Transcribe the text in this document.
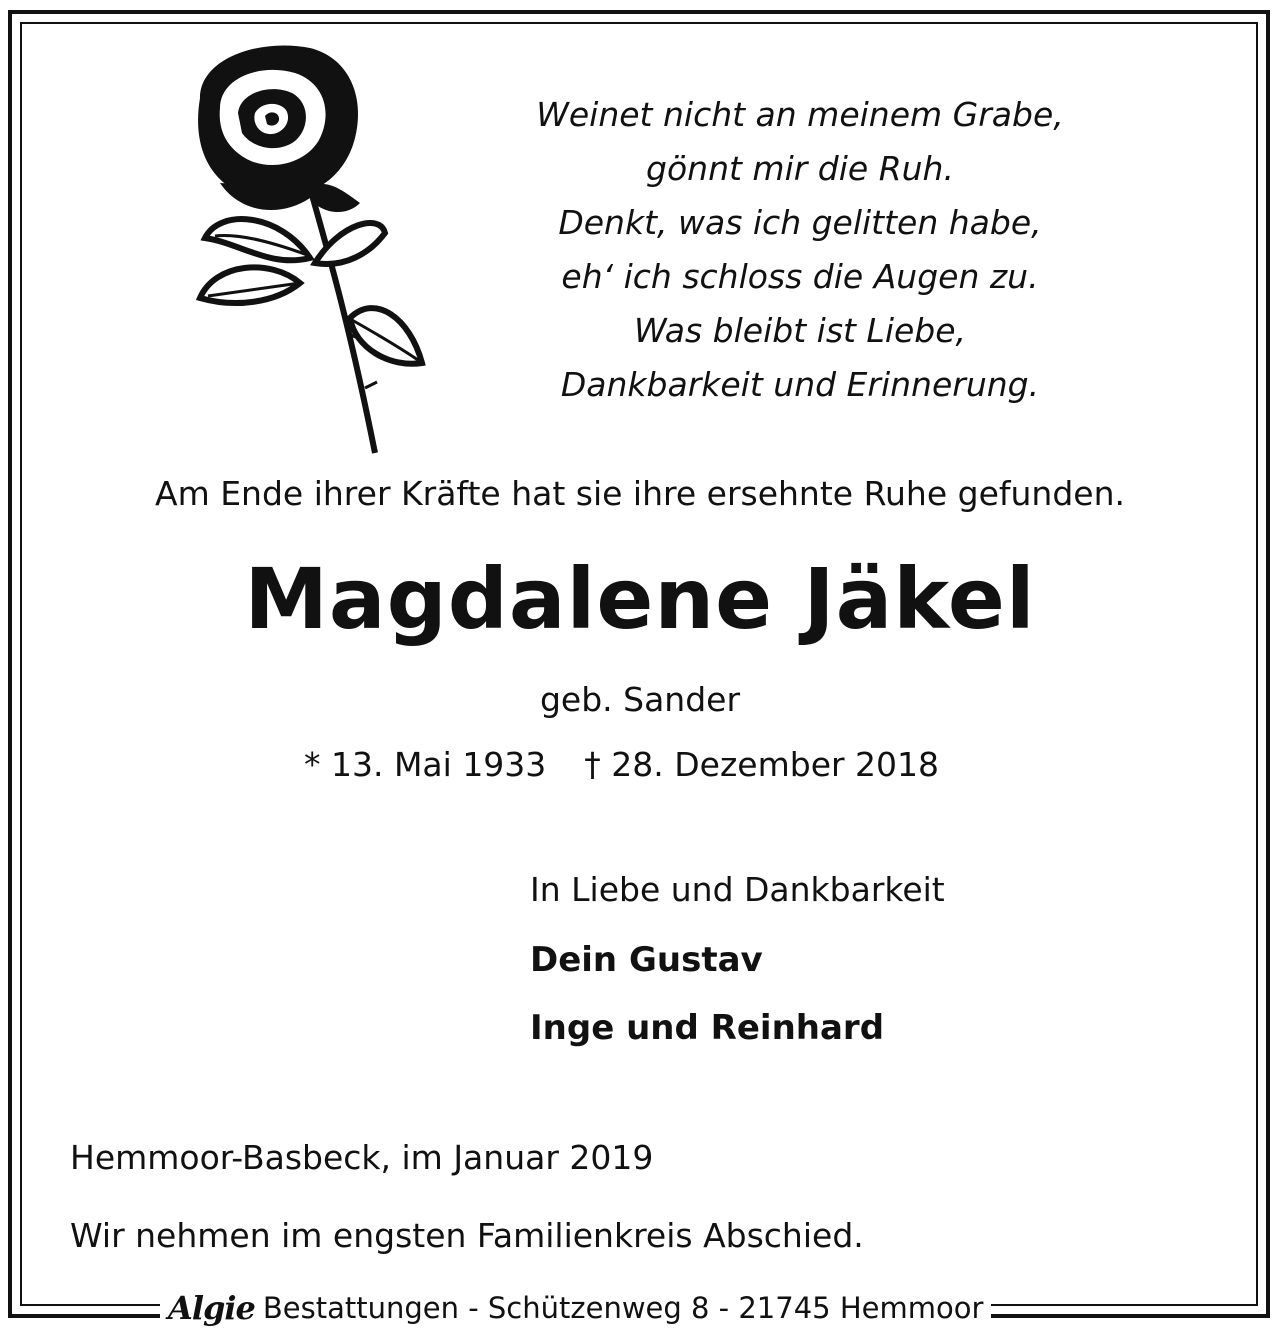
Weinet nicht an meinem Grabe,
gönnt mir die Ruh.
Denkt, was ich gelitten habe,
eh‘ ich schloss die Augen zu.
Was bleibt ist Liebe,
Dankbarkeit und Erinnerung.
Am Ende ihrer Kräfte hat sie ihre ersehnte Ruhe gefunden.
Magdalene Jäkel
geb. Sander
* 13. Mai 1933 † 28. Dezember 2018
In Liebe und Dankbarkeit
Dein Gustav
Inge und Reinhard
Hemmoor-Basbeck, im Januar 2019
Wir nehmen im engsten Familienkreis Abschied.
Algie Bestattungen - Schützenweg 8 - 21745 Hemmoor
